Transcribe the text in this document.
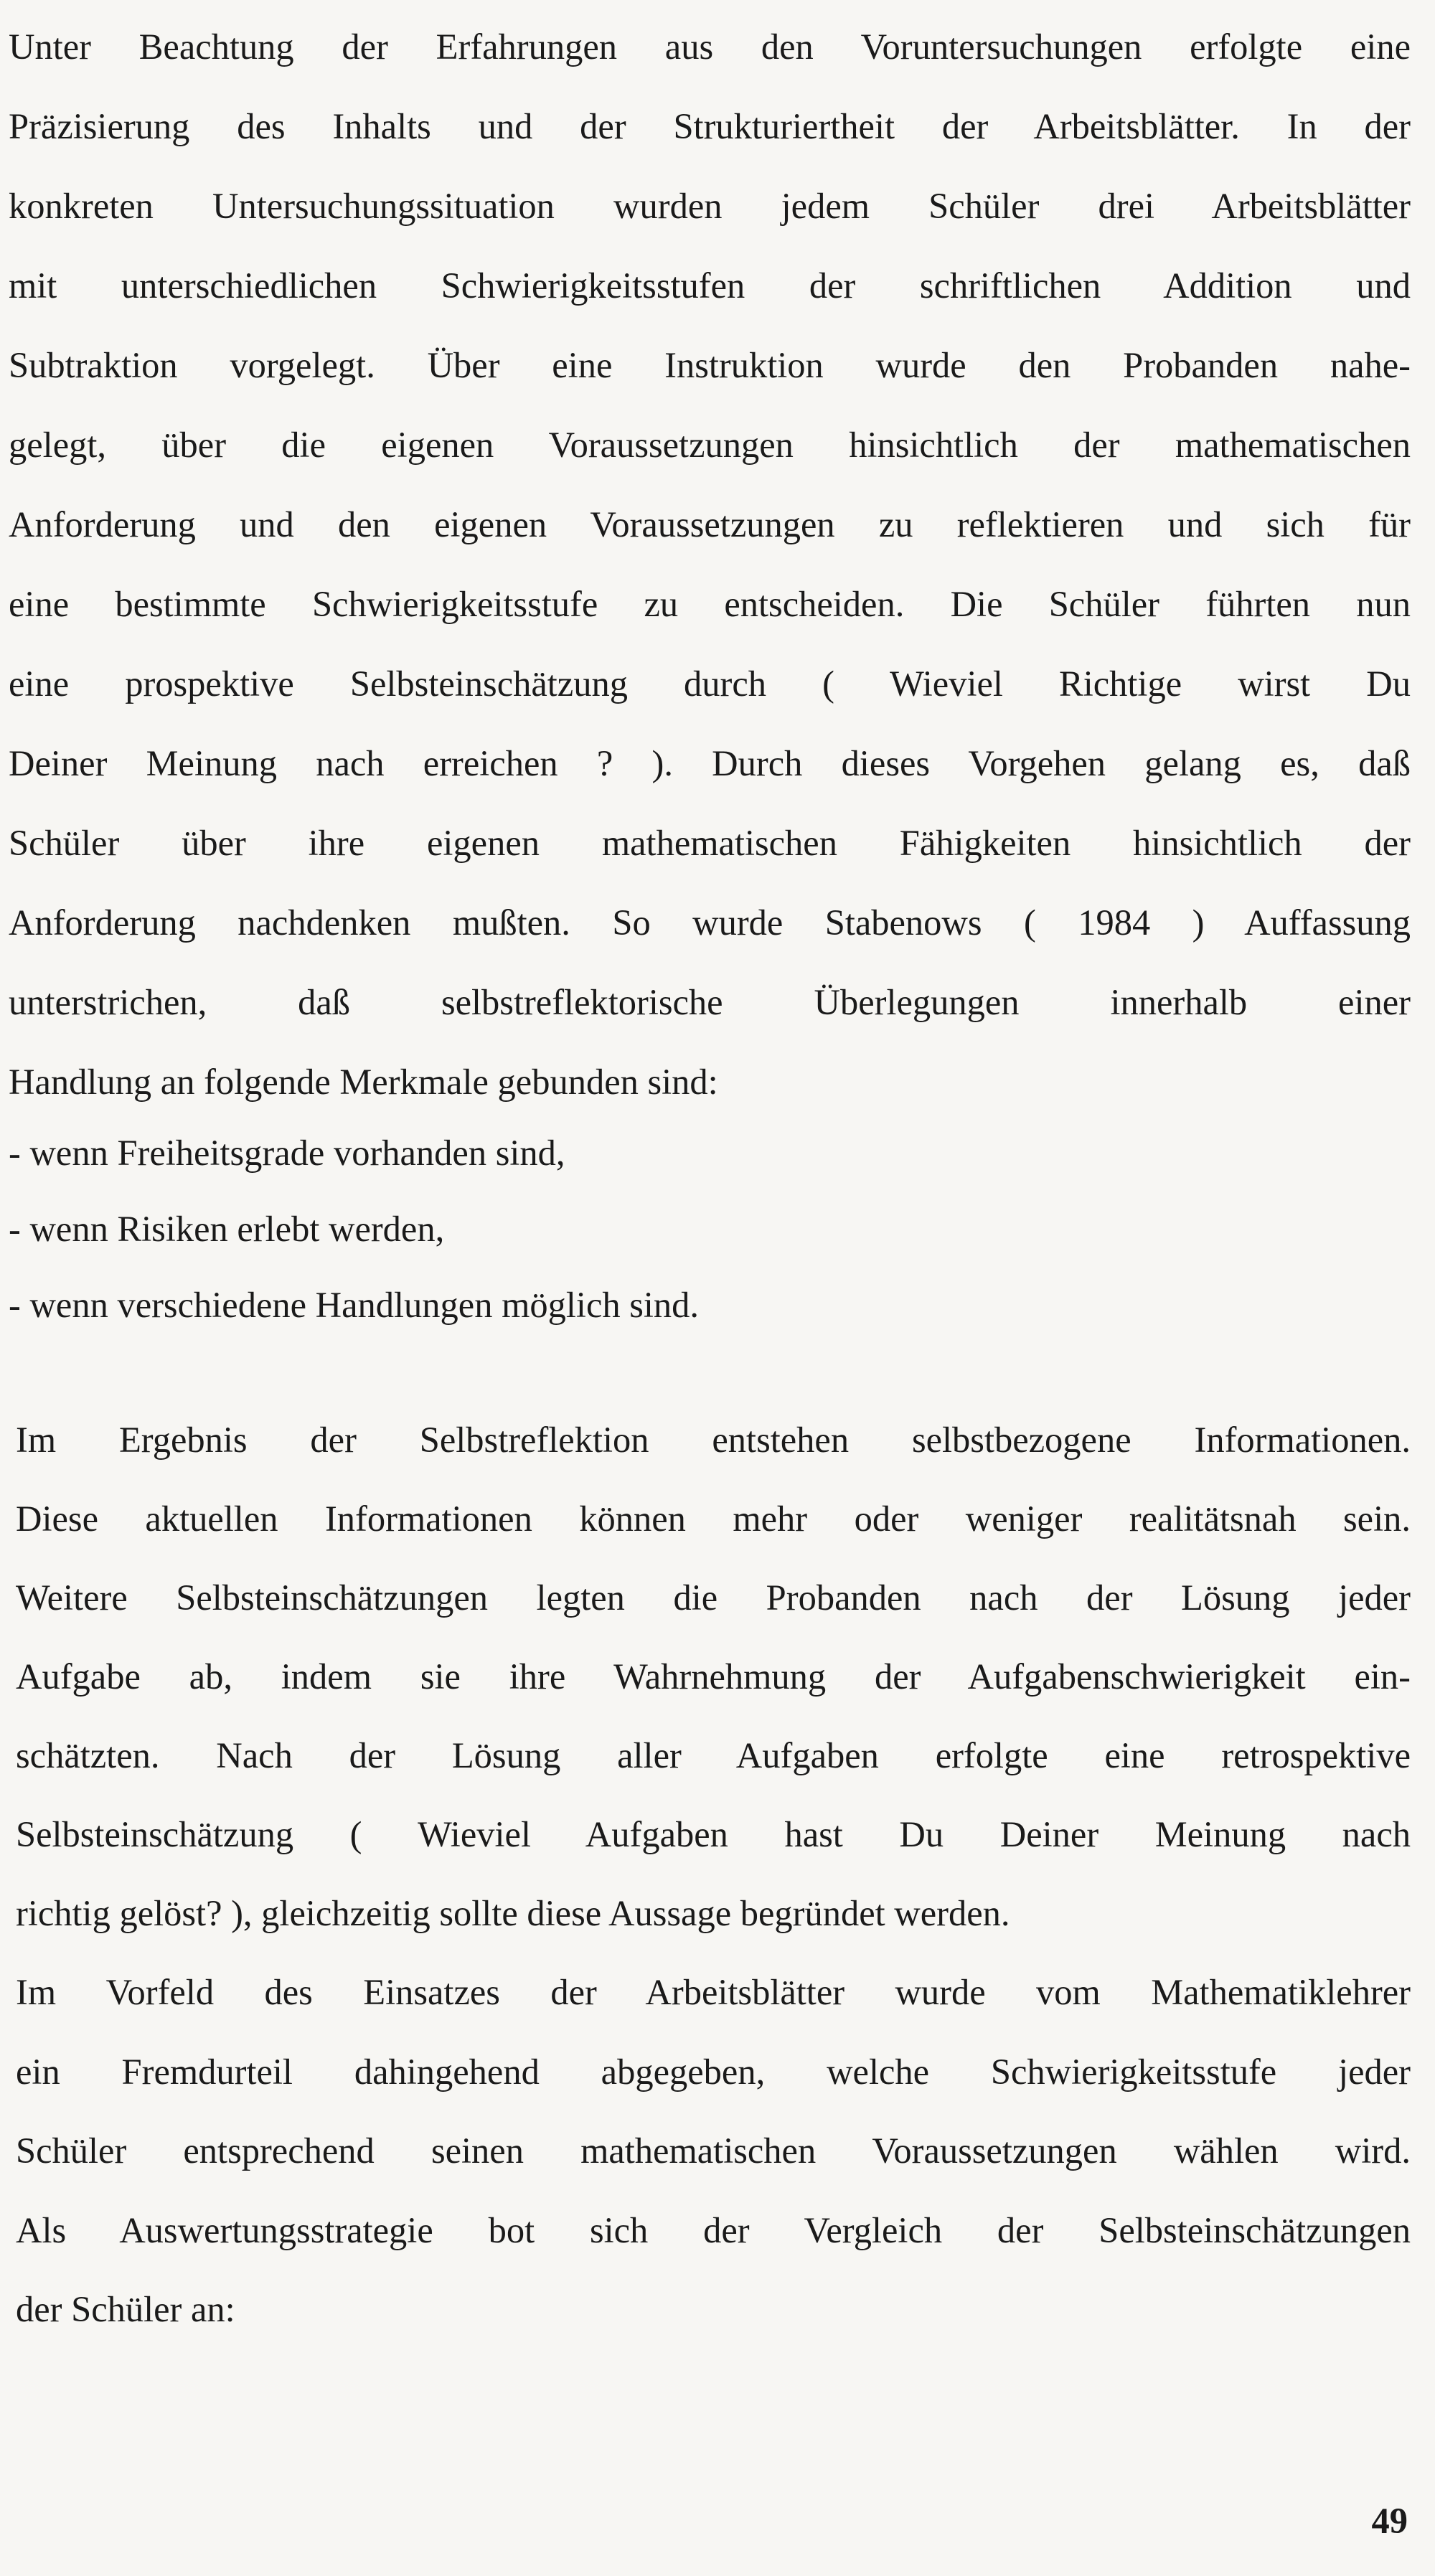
Unter Beachtung der Erfahrungen aus den Voruntersuchungen erfolgte eine
Präzisierung des Inhalts und der Strukturiertheit der Arbeitsblätter. In der
konkreten Untersuchungssituation wurden jedem Schüler drei Arbeitsblätter
mit unterschiedlichen Schwierigkeitsstufen der schriftlichen Addition und
Subtraktion vorgelegt. Über eine Instruktion wurde den Probanden nahe-
gelegt, über die eigenen Voraussetzungen hinsichtlich der mathematischen
Anforderung und den eigenen Voraussetzungen zu reflektieren und sich für
eine bestimmte Schwierigkeitsstufe zu entscheiden. Die Schüler führten nun
eine prospektive Selbsteinschätzung durch ( Wieviel Richtige wirst Du
Deiner Meinung nach erreichen ? ). Durch dieses Vorgehen gelang es, daß
Schüler über ihre eigenen mathematischen Fähigkeiten hinsichtlich der
Anforderung nachdenken mußten. So wurde Stabenows ( 1984 ) Auffassung
unterstrichen, daß selbstreflektorische Überlegungen innerhalb einer
Handlung an folgende Merkmale gebunden sind:
- wenn Freiheitsgrade vorhanden sind,
- wenn Risiken erlebt werden,
- wenn verschiedene Handlungen möglich sind.
Im Ergebnis der Selbstreflektion entstehen selbstbezogene Informationen.
Diese aktuellen Informationen können mehr oder weniger realitätsnah sein.
Weitere Selbsteinschätzungen legten die Probanden nach der Lösung jeder
Aufgabe ab, indem sie ihre Wahrnehmung der Aufgabenschwierigkeit ein-
schätzten. Nach der Lösung aller Aufgaben erfolgte eine retrospektive
Selbsteinschätzung ( Wieviel Aufgaben hast Du Deiner Meinung nach
richtig gelöst? ), gleichzeitig sollte diese Aussage begründet werden.
Im Vorfeld des Einsatzes der Arbeitsblätter wurde vom Mathematiklehrer
ein Fremdurteil dahingehend abgegeben, welche Schwierigkeitsstufe jeder
Schüler entsprechend seinen mathematischen Voraussetzungen wählen wird.
Als Auswertungsstrategie bot sich der Vergleich der Selbsteinschätzungen
der Schüler an:
49
